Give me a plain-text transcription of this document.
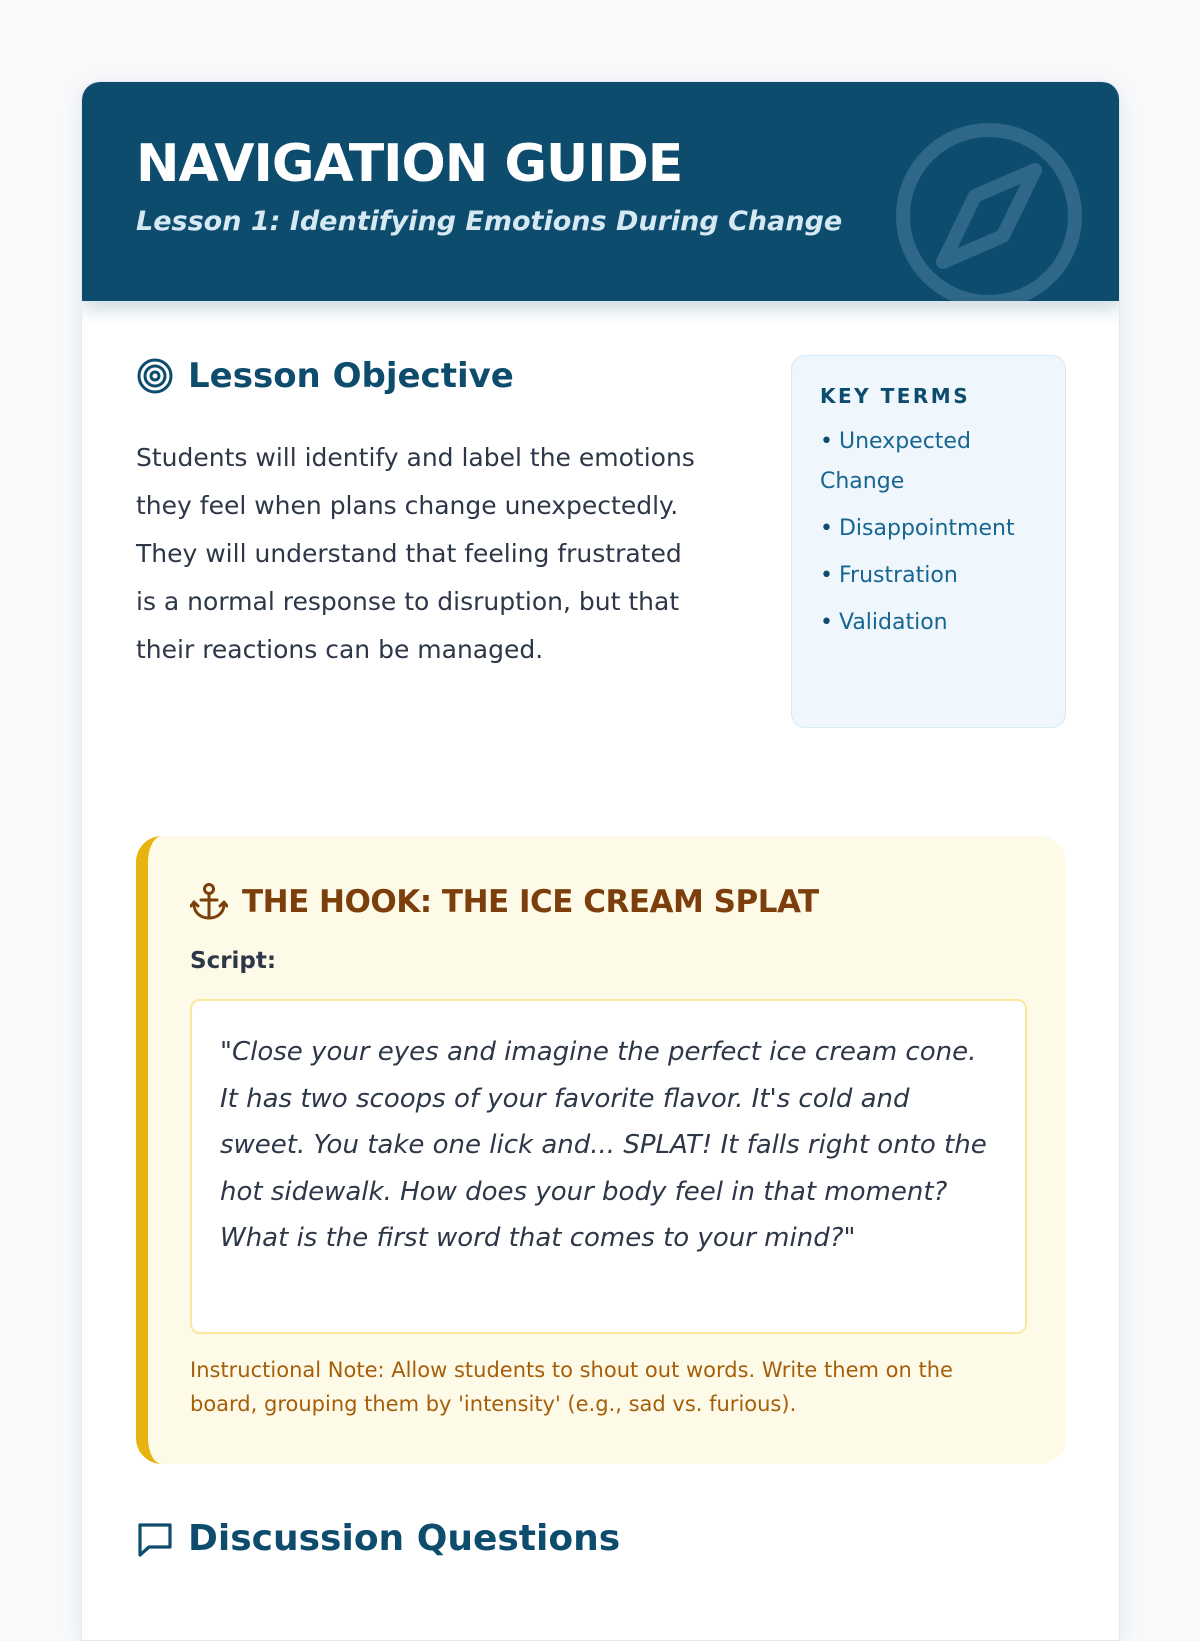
NAVIGATION GUIDE
Lesson 1: Identifying Emotions During Change
Lesson Objective

Students will identify and label the emotions they feel when plans change unexpectedly. They will understand that feeling frustrated is a normal response to disruption, but that their reactions can be managed.

KEY TERMS
• Unexpected Change
• Disappointment
• Frustration
• Validation
THE HOOK: THE ICE CREAM SPLAT
Script:
"Close your eyes and imagine the perfect ice cream cone. It has two scoops of your favorite flavor. It's cold and sweet. You take one lick and... SPLAT! It falls right onto the hot sidewalk. How does your body feel in that moment? What is the first word that comes to your mind?"

Instructional Note: Allow students to shout out words. Write them on the board, grouping them by 'intensity' (e.g., sad vs. furious).

Discussion Questions
